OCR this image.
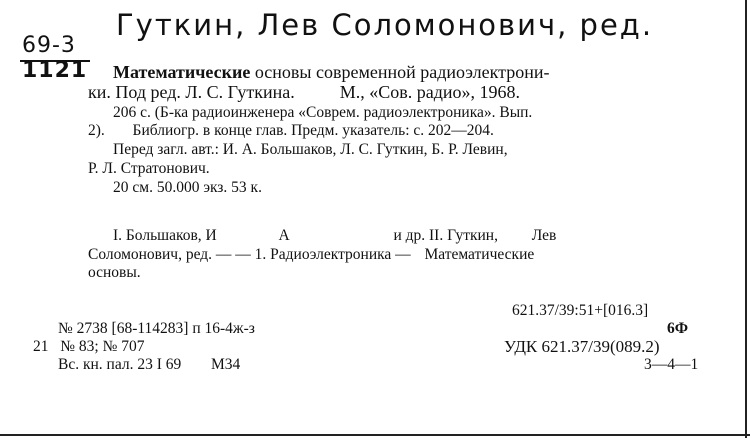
Гуткин, Лев Соломонович, ред.
69-3
1121 Математические основы современной радиоэлектрони-
ки. Под ред. Л. С. Гуткина.	М., «Сов. радио», 1968.
206 с. (Б-ка радиоинженера «Соврем. радиоэлектроника». Вып.
2). Библиогр. в конце глав. Предм. указатель: с. 202—204.
Перед загл. авт.: И. А. Большаков, Л. С. Гуткин, Б. Р. Левин,
Р. Л. Стратонович.
20 см. 50.000 экз. 53 к.
I. Большаков, И	А	и др. II. Гуткин, Лев
Соломонович, ред. — — 1. Радиоэлектроника — Математические
основы.
621.37/39:51+[016.3]
6Ф
УДК 621.37/39(089.2)
3—4—1
№ 2738 [68-114283] п 16-4ж-з
21 № 83; № 707
Вс. кн. пал. 23 I 69 М34
